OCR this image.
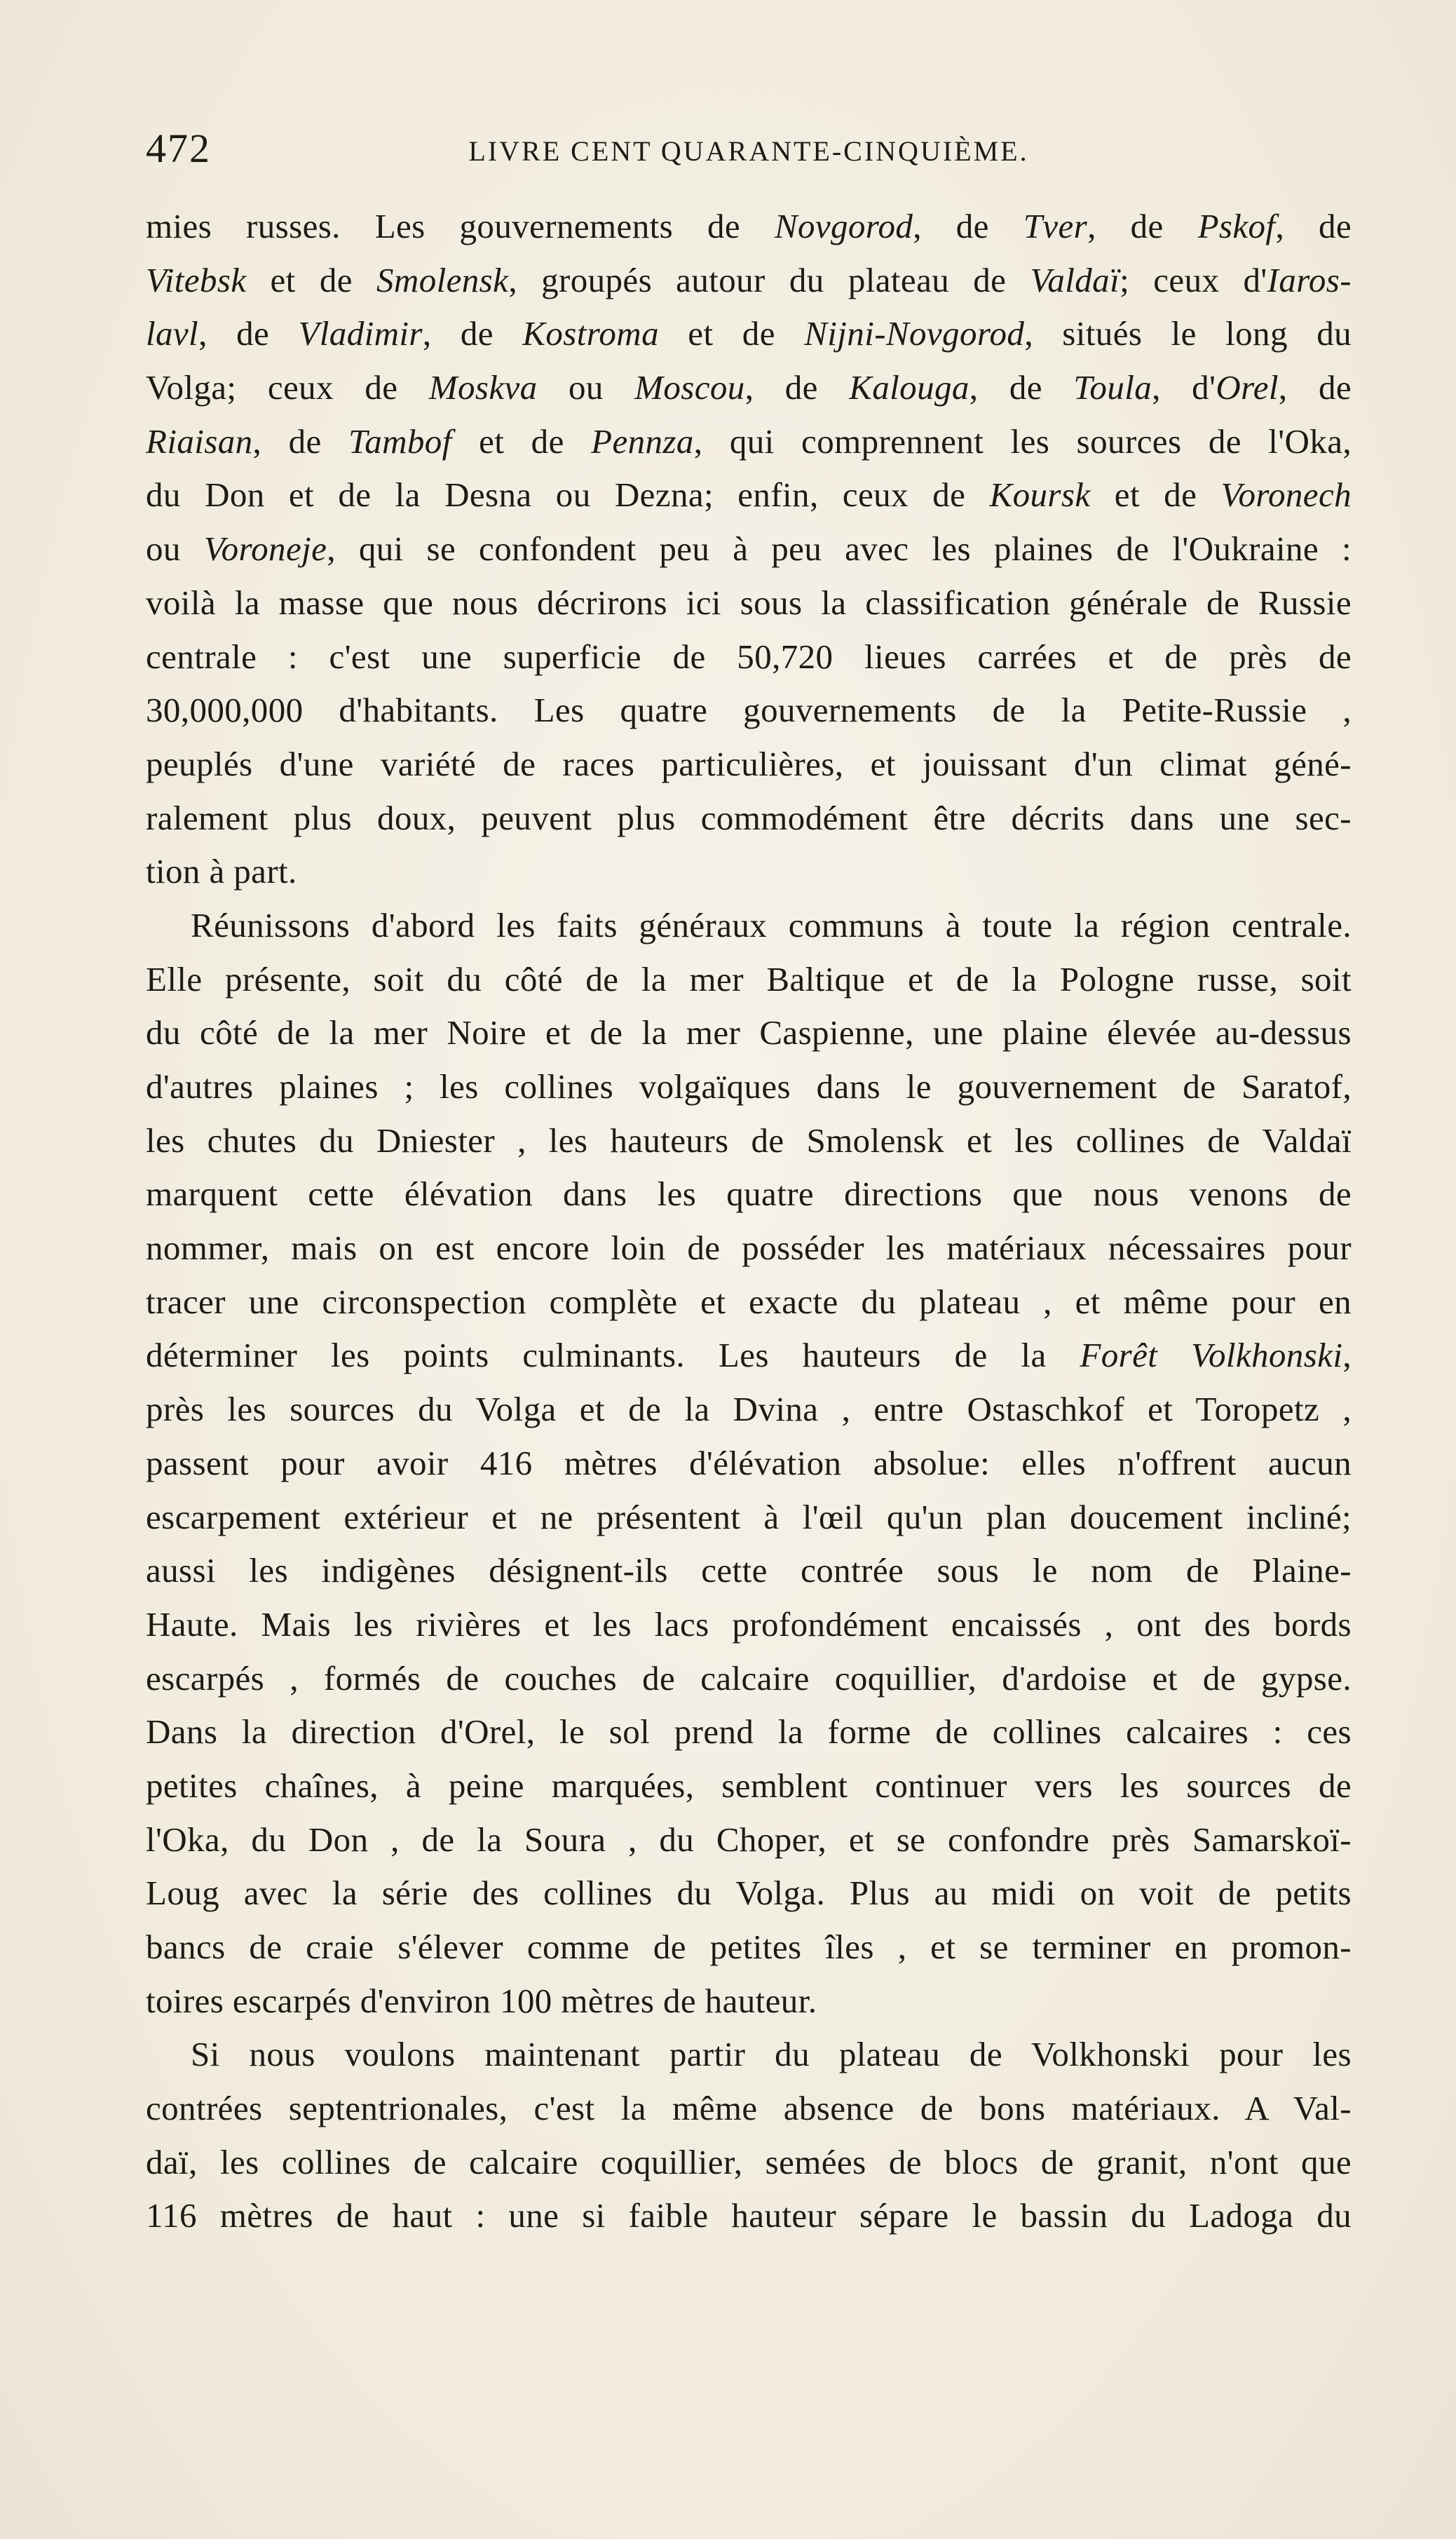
472	LIVRE CENT QUARANTE-CINQUIÈME.
mies russes. Les gouvernements de Novgorod, de Tver, de Pskof, de
Vitebsk et de Smolensk, groupés autour du plateau de Valdaï; ceux d'Iaros-
lavl, de Vladimir, de Kostroma et de Nijni-Novgorod, situés le long du
Volga; ceux de Moskva ou Moscou, de Kalouga, de Toula, d'Orel, de
Riaisan, de Tambof et de Pennza, qui comprennent les sources de l'Oka,
du Don et de la Desna ou Dezna; enfin, ceux de Koursk et de Voronech
ou Voroneje, qui se confondent peu à peu avec les plaines de l'Oukraine :
voilà la masse que nous décrirons ici sous la classification générale de Russie
centrale : c'est une superficie de 50,720 lieues carrées et de près de
30,000,000 d'habitants. Les quatre gouvernements de la Petite-Russie ,
peuplés d'une variété de races particulières, et jouissant d'un climat géné-
ralement plus doux, peuvent plus commodément être décrits dans une sec-
tion à part.
Réunissons d'abord les faits généraux communs à toute la région centrale.
Elle présente, soit du côté de la mer Baltique et de la Pologne russe, soit
du côté de la mer Noire et de la mer Caspienne, une plaine élevée au-dessus
d'autres plaines ; les collines volgaïques dans le gouvernement de Saratof,
les chutes du Dniester , les hauteurs de Smolensk et les collines de Valdaï
marquent cette élévation dans les quatre directions que nous venons de
nommer, mais on est encore loin de posséder les matériaux nécessaires pour
tracer une circonspection complète et exacte du plateau , et même pour en
déterminer les points culminants. Les hauteurs de la Forêt Volkhonski,
près les sources du Volga et de la Dvina , entre Ostaschkof et Toropetz ,
passent pour avoir 416 mètres d'élévation absolue: elles n'offrent aucun
escarpement extérieur et ne présentent à l'œil qu'un plan doucement incliné;
aussi les indigènes désignent-ils cette contrée sous le nom de Plaine-
Haute. Mais les rivières et les lacs profondément encaissés , ont des bords
escarpés , formés de couches de calcaire coquillier, d'ardoise et de gypse.
Dans la direction d'Orel, le sol prend la forme de collines calcaires : ces
petites chaînes, à peine marquées, semblent continuer vers les sources de
l'Oka, du Don , de la Soura , du Choper, et se confondre près Samarskoï-
Loug avec la série des collines du Volga. Plus au midi on voit de petits
bancs de craie s'élever comme de petites îles , et se terminer en promon-
toires escarpés d'environ 100 mètres de hauteur.
Si nous voulons maintenant partir du plateau de Volkhonski pour les
contrées septentrionales, c'est la même absence de bons matériaux. A Val-
daï, les collines de calcaire coquillier, semées de blocs de granit, n'ont que
116 mètres de haut : une si faible hauteur sépare le bassin du Ladoga du
